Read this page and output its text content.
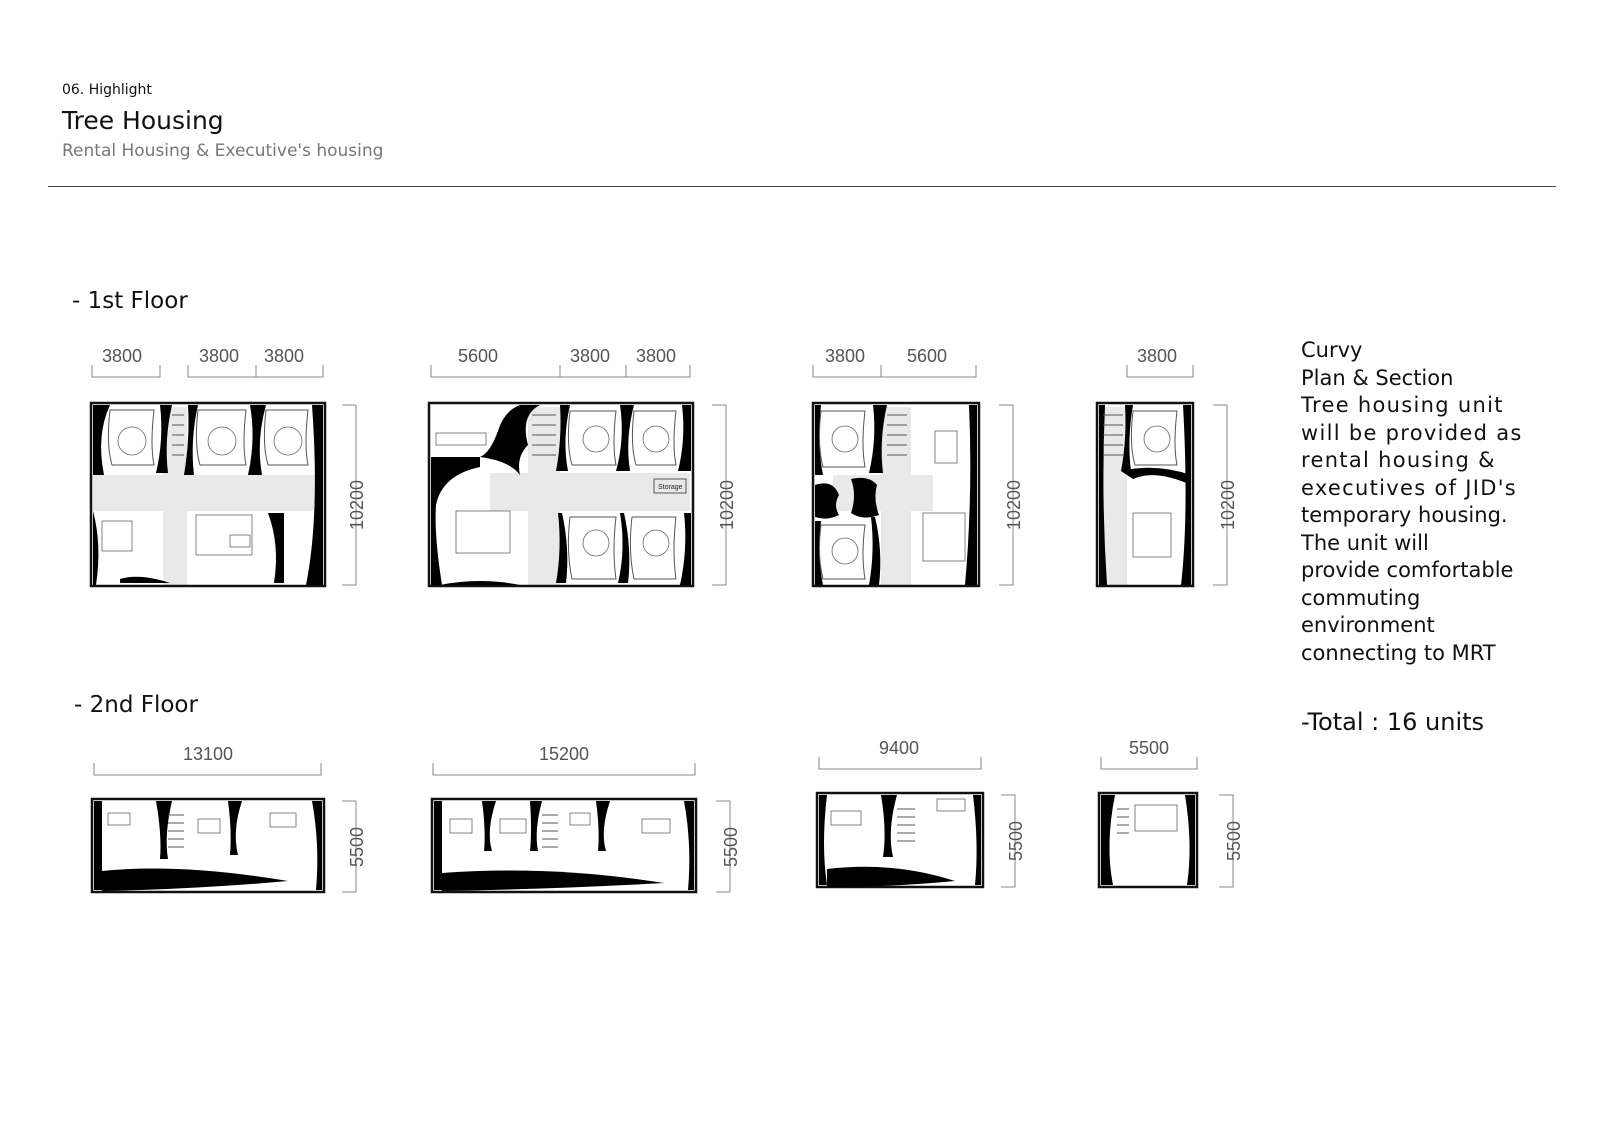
06. Highlight
Tree Housing
Rental Housing & Executive's housing
- 1st Floor
- 2nd Floor
3800	3800 3800
10200
5600	3800 3800
10200
Storage
3800 5600
10200
3800
10200
13100
5500
15200
5500
9400
5500
5500
5500
Curvy
Plan & Section

Tree housing unit

will be provided as

rental housing &

executives of JID's

temporary housing.

The unit will

provide comfortable

commuting

environment

connecting to MRT

-Total : 16 units
